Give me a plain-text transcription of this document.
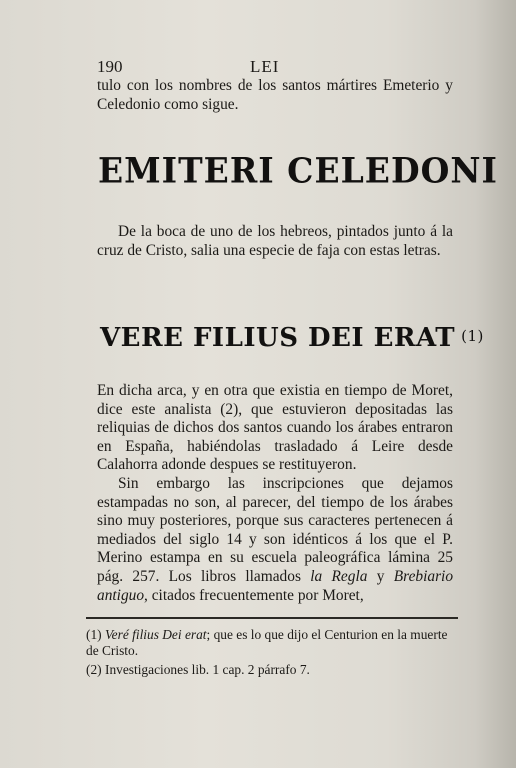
190	LEI

tulo con los nombres de los santos mártires Emeterio y Celedonio como sigue.

EMITERI CELEDONI

De la boca de uno de los hebreos, pintados junto á la cruz de Cristo, salia una especie de faja con estas letras.

VERE FILIUS DEI ERAT (1)

En dicha arca, y en otra que existia en tiempo de Moret, dice este analista (2), que estuvieron depositadas las reliquias de dichos dos santos cuando los árabes entraron en España, habiéndolas trasladado á Leire desde Calahorra adonde despues se restituyeron.

Sin embargo las inscripciones que dejamos estampadas no son, al parecer, del tiempo de los árabes sino muy posteriores, porque sus caracteres pertenecen á mediados del siglo 14 y son idénticos á los que el P. Merino estampa en su escuela paleográfica lámina 25 pág. 257. Los libros llamados la Regla y Brebiario antiguo, citados frecuentemente por Moret,

(1) Veré filius Dei erat; que es lo que dijo el Centurion en la muerte de Cristo.

(2) Investigaciones lib. 1 cap. 2 párrafo 7.
